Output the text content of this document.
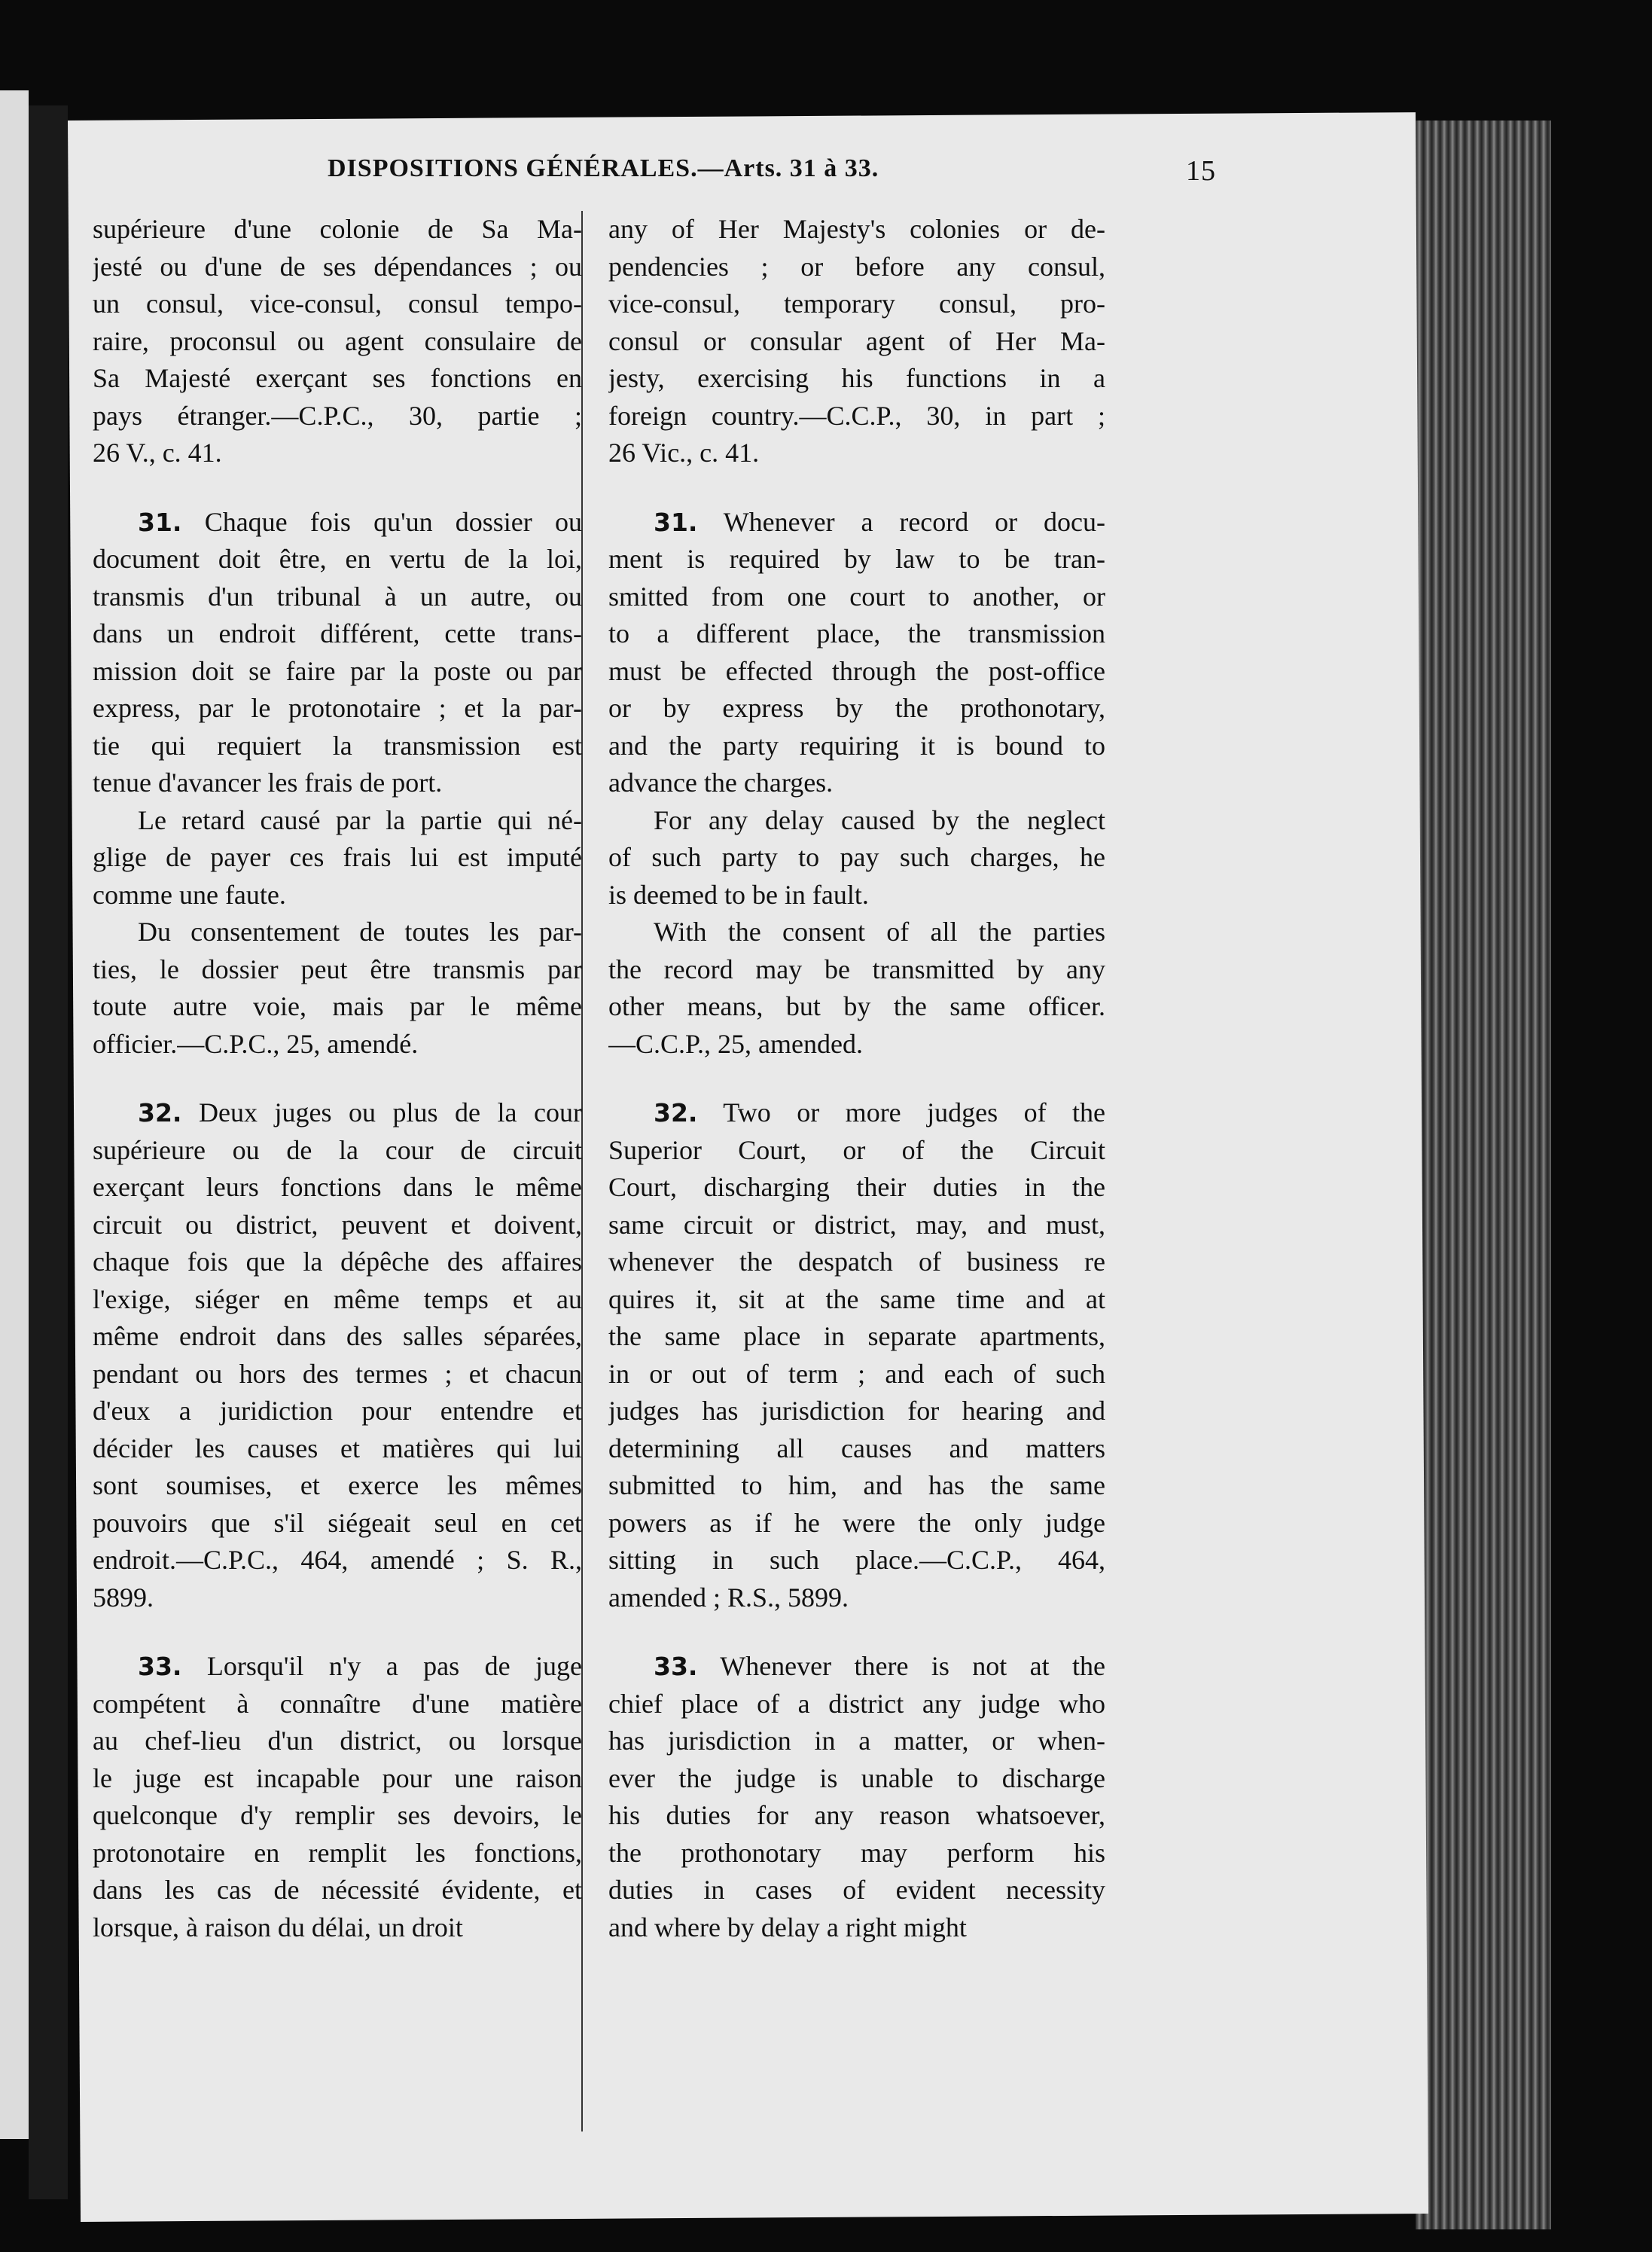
DISPOSITIONS GÉNÉRALES.—Arts. 31 à 33.	15
supérieure d'une colonie de Sa Ma-
jesté ou d'une de ses dépendances ; ou
un consul, vice-consul, consul tempo-
raire, proconsul ou agent consulaire de
Sa Majesté exerçant ses fonctions en
pays étranger.—C.P.C., 30, partie ;
26 V., c. 41.
31. Chaque fois qu'un dossier ou
document doit être, en vertu de la loi,
transmis d'un tribunal à un autre, ou
dans un endroit différent, cette trans-
mission doit se faire par la poste ou par
express, par le protonotaire ; et la par-
tie qui requiert la transmission est
tenue d'avancer les frais de port.
Le retard causé par la partie qui né-
glige de payer ces frais lui est imputé
comme une faute.
Du consentement de toutes les par-
ties, le dossier peut être transmis par
toute autre voie, mais par le même
officier.—C.P.C., 25, amendé.
32. Deux juges ou plus de la cour
supérieure ou de la cour de circuit
exerçant leurs fonctions dans le même
circuit ou district, peuvent et doivent,
chaque fois que la dépêche des affaires
l'exige, siéger en même temps et au
même endroit dans des salles séparées,
pendant ou hors des termes ; et chacun
d'eux a juridiction pour entendre et
décider les causes et matières qui lui
sont soumises, et exerce les mêmes
pouvoirs que s'il siégeait seul en cet
endroit.—C.P.C., 464, amendé ; S. R.,
5899.
33. Lorsqu'il n'y a pas de juge
compétent à connaître d'une matière
au chef-lieu d'un district, ou lorsque
le juge est incapable pour une raison
quelconque d'y remplir ses devoirs, le
protonotaire en remplit les fonctions,
dans les cas de nécessité évidente, et
lorsque, à raison du délai, un droit
any of Her Majesty's colonies or de-
pendencies ; or before any consul,
vice-consul, temporary consul, pro-
consul or consular agent of Her Ma-
jesty, exercising his functions in a
foreign country.—C.C.P., 30, in part ;
26 Vic., c. 41.
31. Whenever a record or docu-
ment is required by law to be tran-
smitted from one court to another, or
to a different place, the transmission
must be effected through the post-office
or by express by the prothonotary,
and the party requiring it is bound to
advance the charges.
For any delay caused by the neglect
of such party to pay such charges, he
is deemed to be in fault.
With the consent of all the parties
the record may be transmitted by any
other means, but by the same officer.
—C.C.P., 25, amended.
32. Two or more judges of the
Superior Court, or of the Circuit
Court, discharging their duties in the
same circuit or district, may, and must,
whenever the despatch of business re
quires it, sit at the same time and at
the same place in separate apartments,
in or out of term ; and each of such
judges has jurisdiction for hearing and
determining all causes and matters
submitted to him, and has the same
powers as if he were the only judge
sitting in such place.—C.C.P., 464,
amended ; R.S., 5899.
33. Whenever there is not at the
chief place of a district any judge who
has jurisdiction in a matter, or when-
ever the judge is unable to discharge
his duties for any reason whatsoever,
the prothonotary may perform his
duties in cases of evident necessity
and where by delay a right might
